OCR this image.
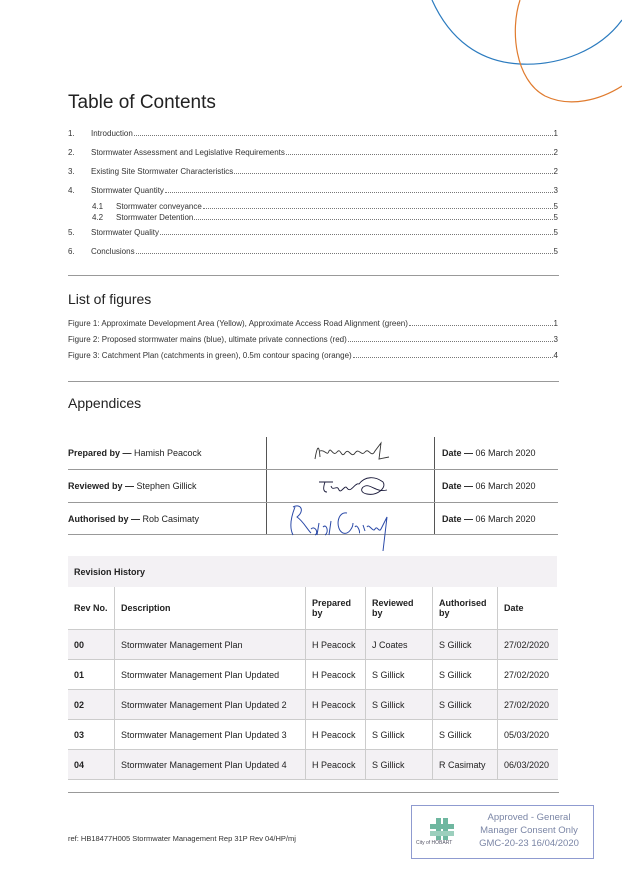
Table of Contents
1.	Introduction	1
2.	Stormwater Assessment and Legislative Requirements	2
3.	Existing Site Stormwater Characteristics	2
4.	Stormwater Quantity	3
4.1	Stormwater conveyance	5
4.2	Stormwater Detention	5
5.	Stormwater Quality	5
6.	Conclusions	5
List of figures
Figure 1: Approximate Development Area (Yellow), Approximate Access Road Alignment (green)	1
Figure 2: Proposed stormwater mains (blue), ultimate private connections (red)	3
Figure 3: Catchment Plan (catchments in green), 0.5m contour spacing (orange)	4
Appendices
Prepared by — Hamish Peacock		Date — 06 March 2020
Reviewed by — Stephen Gillick		Date — 06 March 2020
Authorised by — Rob Casimaty		Date — 06 March 2020
Revision History					
Rev No.	Description	Prepared by	Reviewed by	Authorised by	Date
00	Stormwater Management Plan	H Peacock	J Coates	S Gillick	27/02/2020
01	Stormwater Management Plan Updated	H Peacock	S Gillick	S Gillick	27/02/2020
02	Stormwater Management Plan Updated 2	H Peacock	S Gillick	S Gillick	27/02/2020
03	Stormwater Management Plan Updated 3	H Peacock	S Gillick	S Gillick	05/03/2020
04	Stormwater Management Plan Updated 4	H Peacock	S Gillick	R Casimaty	06/03/2020
ref: HB18477H005 Stormwater Management Rep 31P Rev 04/HP/mj	City of HOBART
Approved - General
Manager Consent Only
GMC-20-23 16/04/2020
